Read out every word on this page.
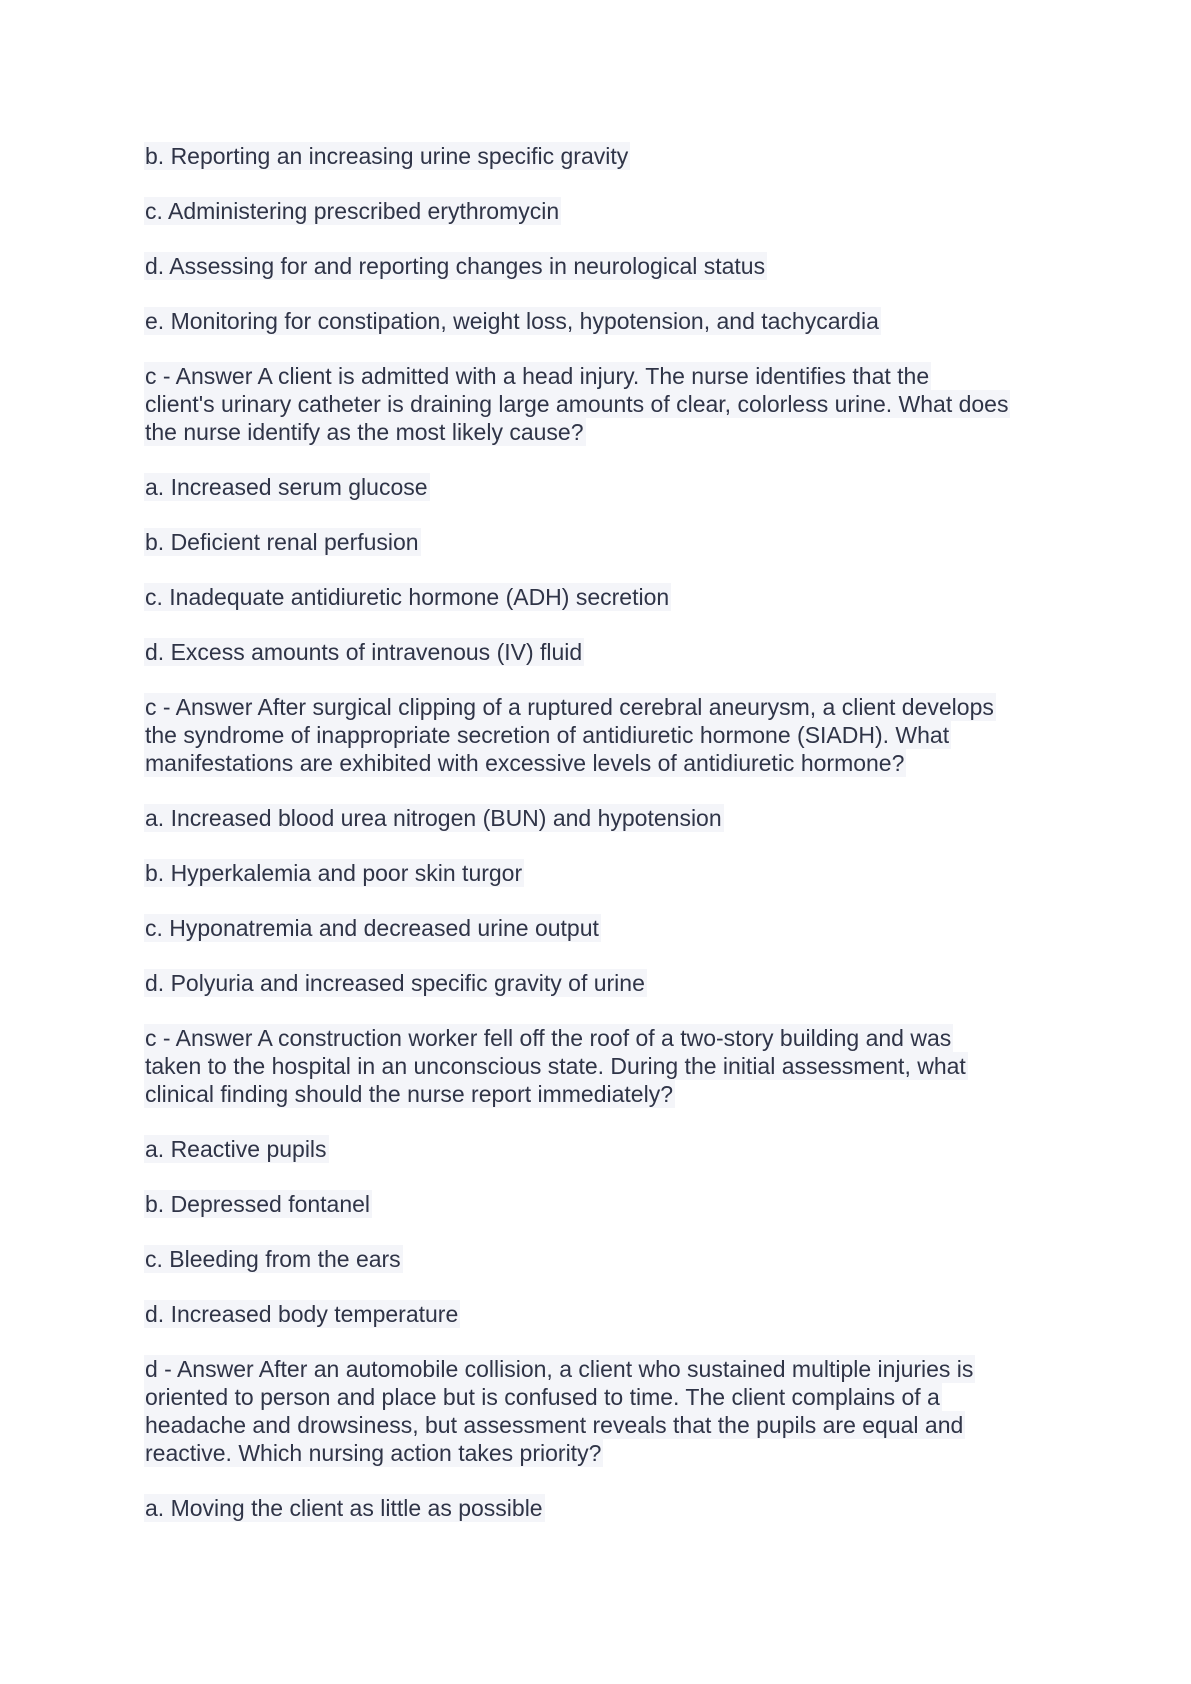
b. Reporting an increasing urine specific gravity

c. Administering prescribed erythromycin

d. Assessing for and reporting changes in neurological status

e. Monitoring for constipation, weight loss, hypotension, and tachycardia

c - Answer A client is admitted with a head injury. The nurse identifies that the
client's urinary catheter is draining large amounts of clear, colorless urine. What does
the nurse identify as the most likely cause?

a. Increased serum glucose

b. Deficient renal perfusion

c. Inadequate antidiuretic hormone (ADH) secretion

d. Excess amounts of intravenous (IV) fluid

c - Answer After surgical clipping of a ruptured cerebral aneurysm, a client develops
the syndrome of inappropriate secretion of antidiuretic hormone (SIADH). What
manifestations are exhibited with excessive levels of antidiuretic hormone?

a. Increased blood urea nitrogen (BUN) and hypotension

b. Hyperkalemia and poor skin turgor

c. Hyponatremia and decreased urine output

d. Polyuria and increased specific gravity of urine

c - Answer A construction worker fell off the roof of a two-story building and was
taken to the hospital in an unconscious state. During the initial assessment, what
clinical finding should the nurse report immediately?

a. Reactive pupils

b. Depressed fontanel

c. Bleeding from the ears

d. Increased body temperature

d - Answer After an automobile collision, a client who sustained multiple injuries is
oriented to person and place but is confused to time. The client complains of a
headache and drowsiness, but assessment reveals that the pupils are equal and
reactive. Which nursing action takes priority?

a. Moving the client as little as possible
